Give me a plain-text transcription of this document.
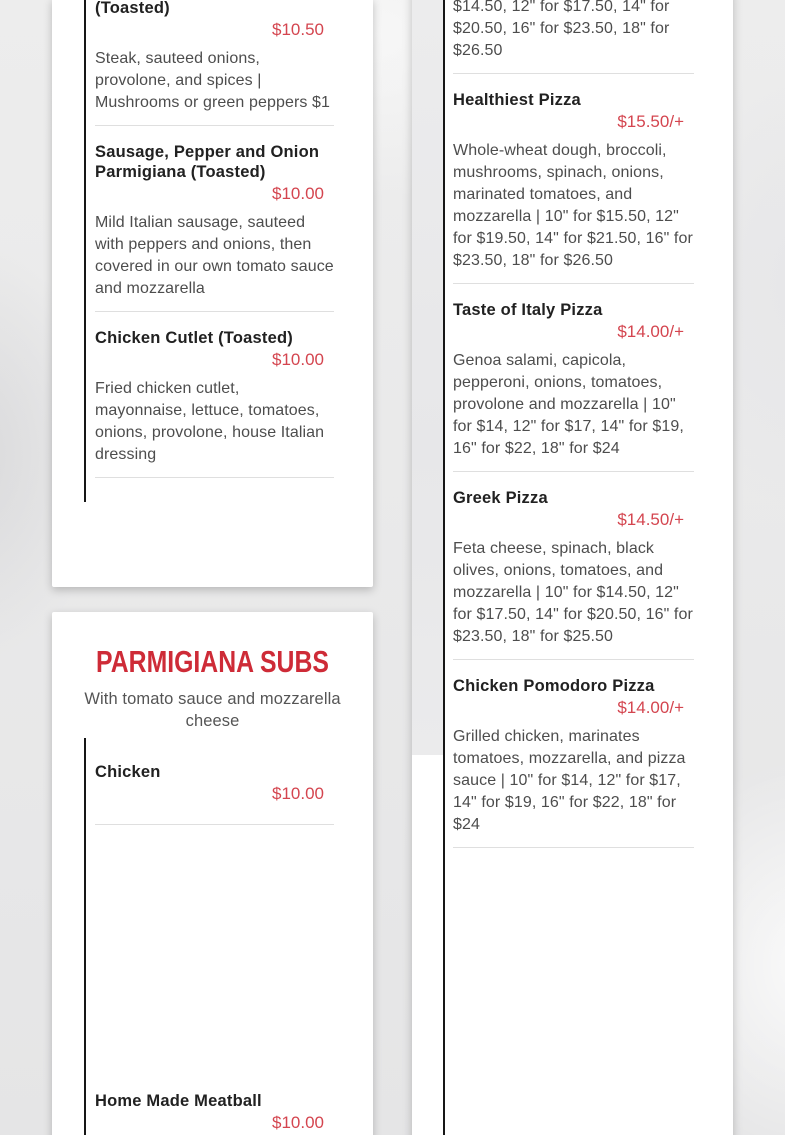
(Toasted)
$10.50

Steak, sauteed onions, provolone, and spices | Mushrooms or green peppers $1

Sausage, Pepper and Onion Parmigiana (Toasted)
$10.00

Mild Italian sausage, sauteed with peppers and onions, then covered in our own tomato sauce and mozzarella

Chicken Cutlet (Toasted)
$10.00

Fried chicken cutlet, mayonnaise, lettuce, tomatoes, onions, provolone, house Italian dressing

PARMIGIANA SUBS

With tomato sauce and mozzarella cheese

Chicken
$10.00
Home Made Meatball
$10.00

$14.50, 12" for $17.50, 14" for $20.50, 16" for $23.50, 18" for $26.50

Healthiest Pizza
$15.50/+

Whole-wheat dough, broccoli, mushrooms, spinach, onions, marinated tomatoes, and mozzarella | 10" for $15.50, 12" for $19.50, 14" for $21.50, 16" for $23.50, 18" for $26.50

Taste of Italy Pizza
$14.00/+

Genoa salami, capicola, pepperoni, onions, tomatoes, provolone and mozzarella | 10" for $14, 12" for $17, 14" for $19, 16" for $22, 18" for $24

Greek Pizza
$14.50/+

Feta cheese, spinach, black olives, onions, tomatoes, and mozzarella | 10" for $14.50, 12" for $17.50, 14" for $20.50, 16" for $23.50, 18" for $25.50

Chicken Pomodoro Pizza
$14.00/+

Grilled chicken, marinates tomatoes, mozzarella, and pizza sauce | 10" for $14, 12" for $17, 14" for $19, 16" for $22, 18" for $24
